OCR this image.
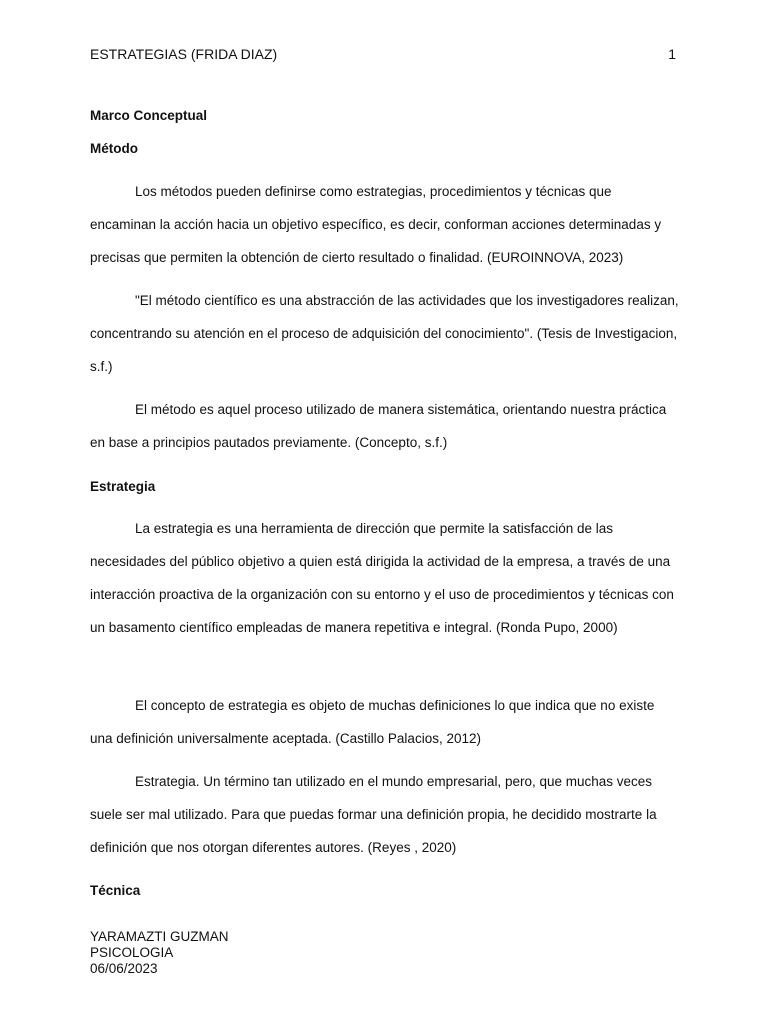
ESTRATEGIAS (FRIDA DIAZ)	1
Marco Conceptual
Método

Los métodos pueden definirse como estrategias, procedimientos y técnicas que encaminan la acción hacia un objetivo específico, es decir, conforman acciones determinadas y precisas que permiten la obtención de cierto resultado o finalidad. (EUROINNOVA, 2023)

"El método científico es una abstracción de las actividades que los investigadores realizan, concentrando su atención en el proceso de adquisición del conocimiento". (Tesis de Investigacion, s.f.)

El método es aquel proceso utilizado de manera sistemática, orientando nuestra práctica en base a principios pautados previamente. (Concepto, s.f.)

Estrategia

La estrategia es una herramienta de dirección que permite la satisfacción de las necesidades del público objetivo a quien está dirigida la actividad de la empresa, a través de una interacción proactiva de la organización con su entorno y el uso de procedimientos y técnicas con un basamento científico empleadas de manera repetitiva e integral. (Ronda Pupo, 2000)

El concepto de estrategia es objeto de muchas definiciones lo que indica que no existe una definición universalmente aceptada. (Castillo Palacios, 2012)

Estrategia. Un término tan utilizado en el mundo empresarial, pero, que muchas veces suele ser mal utilizado. Para que puedas formar una definición propia, he decidido mostrarte la definición que nos otorgan diferentes autores. (Reyes , 2020)

Técnica
YARAMAZTI GUZMAN
PSICOLOGIA
06/06/2023
